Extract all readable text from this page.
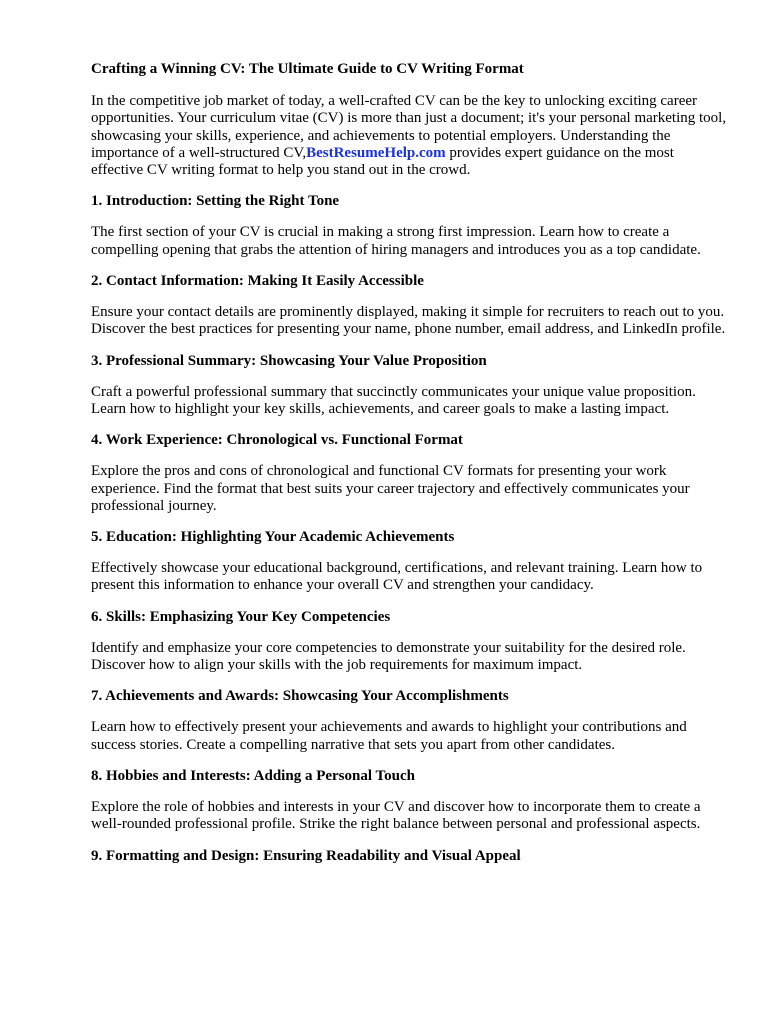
Crafting a Winning CV: The Ultimate Guide to CV Writing Format

In the competitive job market of today, a well-crafted CV can be the key to unlocking exciting career opportunities. Your curriculum vitae (CV) is more than just a document; it's your personal marketing tool, showcasing your skills, experience, and achievements to potential employers. Understanding the importance of a well-structured CV,BestResumeHelp.com provides expert guidance on the most effective CV writing format to help you stand out in the crowd.

1. Introduction: Setting the Right Tone

The first section of your CV is crucial in making a strong first impression. Learn how to create a compelling opening that grabs the attention of hiring managers and introduces you as a top candidate.

2. Contact Information: Making It Easily Accessible

Ensure your contact details are prominently displayed, making it simple for recruiters to reach out to you. Discover the best practices for presenting your name, phone number, email address, and LinkedIn profile.

3. Professional Summary: Showcasing Your Value Proposition

Craft a powerful professional summary that succinctly communicates your unique value proposition. Learn how to highlight your key skills, achievements, and career goals to make a lasting impact.

4. Work Experience: Chronological vs. Functional Format

Explore the pros and cons of chronological and functional CV formats for presenting your work experience. Find the format that best suits your career trajectory and effectively communicates your professional journey.

5. Education: Highlighting Your Academic Achievements

Effectively showcase your educational background, certifications, and relevant training. Learn how to present this information to enhance your overall CV and strengthen your candidacy.

6. Skills: Emphasizing Your Key Competencies

Identify and emphasize your core competencies to demonstrate your suitability for the desired role. Discover how to align your skills with the job requirements for maximum impact.

7. Achievements and Awards: Showcasing Your Accomplishments

Learn how to effectively present your achievements and awards to highlight your contributions and success stories. Create a compelling narrative that sets you apart from other candidates.

8. Hobbies and Interests: Adding a Personal Touch

Explore the role of hobbies and interests in your CV and discover how to incorporate them to create a well-rounded professional profile. Strike the right balance between personal and professional aspects.

9. Formatting and Design: Ensuring Readability and Visual Appeal
